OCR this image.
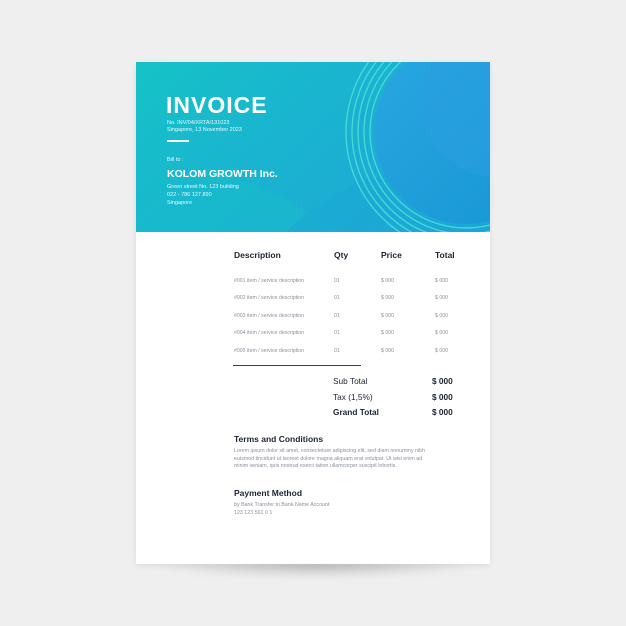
INVOICE
No. INV/04/XRTA/131023
Singapore, 13 November 2023
Bill to :
KOLOM GROWTH Inc.
Green street No. 123 building
022 - 786 127 890
Singapore
Description	Qty	Price	Total
#001 item / service description	01	$ 000	$ 000
#002 item / service description	01	$ 000	$ 000
#003 item / service description	01	$ 000	$ 000
#004 item / service description	01	$ 000	$ 000
#005 item / service description	01	$ 000	$ 000
Sub Total	$ 000
Tax (1,5%)	$ 000
Grand Total	$ 000
Terms and Conditions
Lorem ipsum dolor sit amet, consectetuer adipiscing elit, sed diam nonummy nibh
euismod tincidunt ut laoreet dolore magna aliquam erat volutpat. Ut wisi enim ad
minim veniam, quis nostrud exerci tation ullamcorper suscipit lobortis.
Payment Method
by Bank Transfer to Bank Name Account
123 123 561 0 1
